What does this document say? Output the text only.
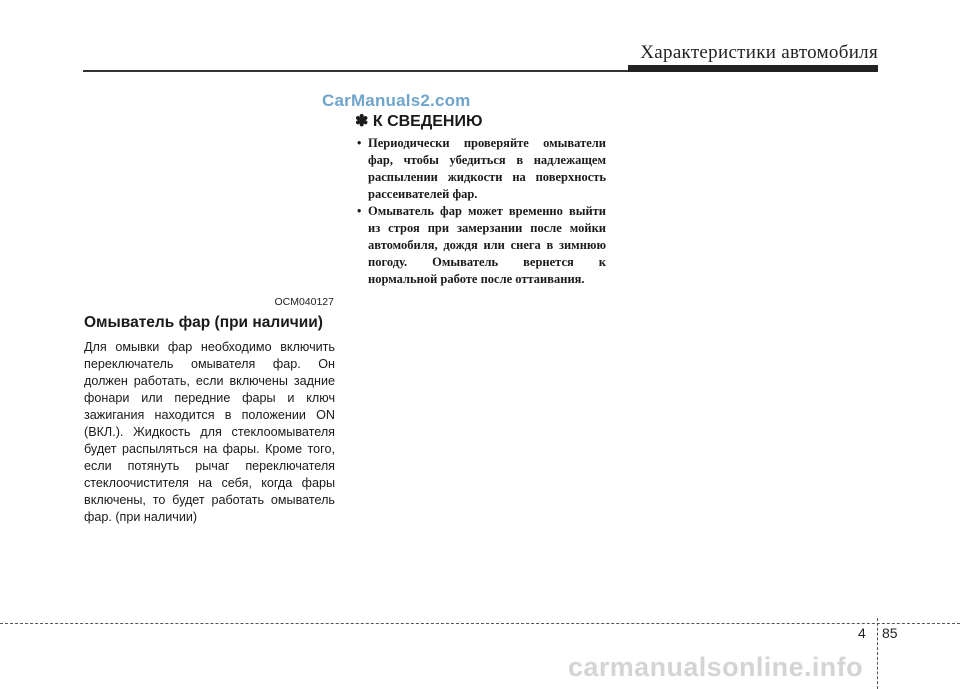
Характеристики автомобиля
CarManuals2.com
OCM040127
Омыватель фар (при наличии)

Для омывки фар необходимо включить переключатель омывателя фар. Он должен работать, если включены задние фонари или передние фары и ключ зажигания находится в положении ON (ВКЛ.). Жидкость для стеклоомывателя будет распыляться на фары. Кроме того, если потянуть рычаг переключателя стеклоочистителя на себя, когда фары включены, то будет работать омыватель фар. (при наличии)

✽ К СВЕДЕНИЮ
• Периодически проверяйте омыватели фар, чтобы убедиться в надлежащем распылении жидкости на поверхность рассеивателей фар.
• Омыватель фар может временно выйти из строя при замерзании после мойки автомобиля, дождя или снега в зимнюю погоду. Омыватель вернется к нормальной работе после оттаивания.
4 85
carmanualsonline.info
